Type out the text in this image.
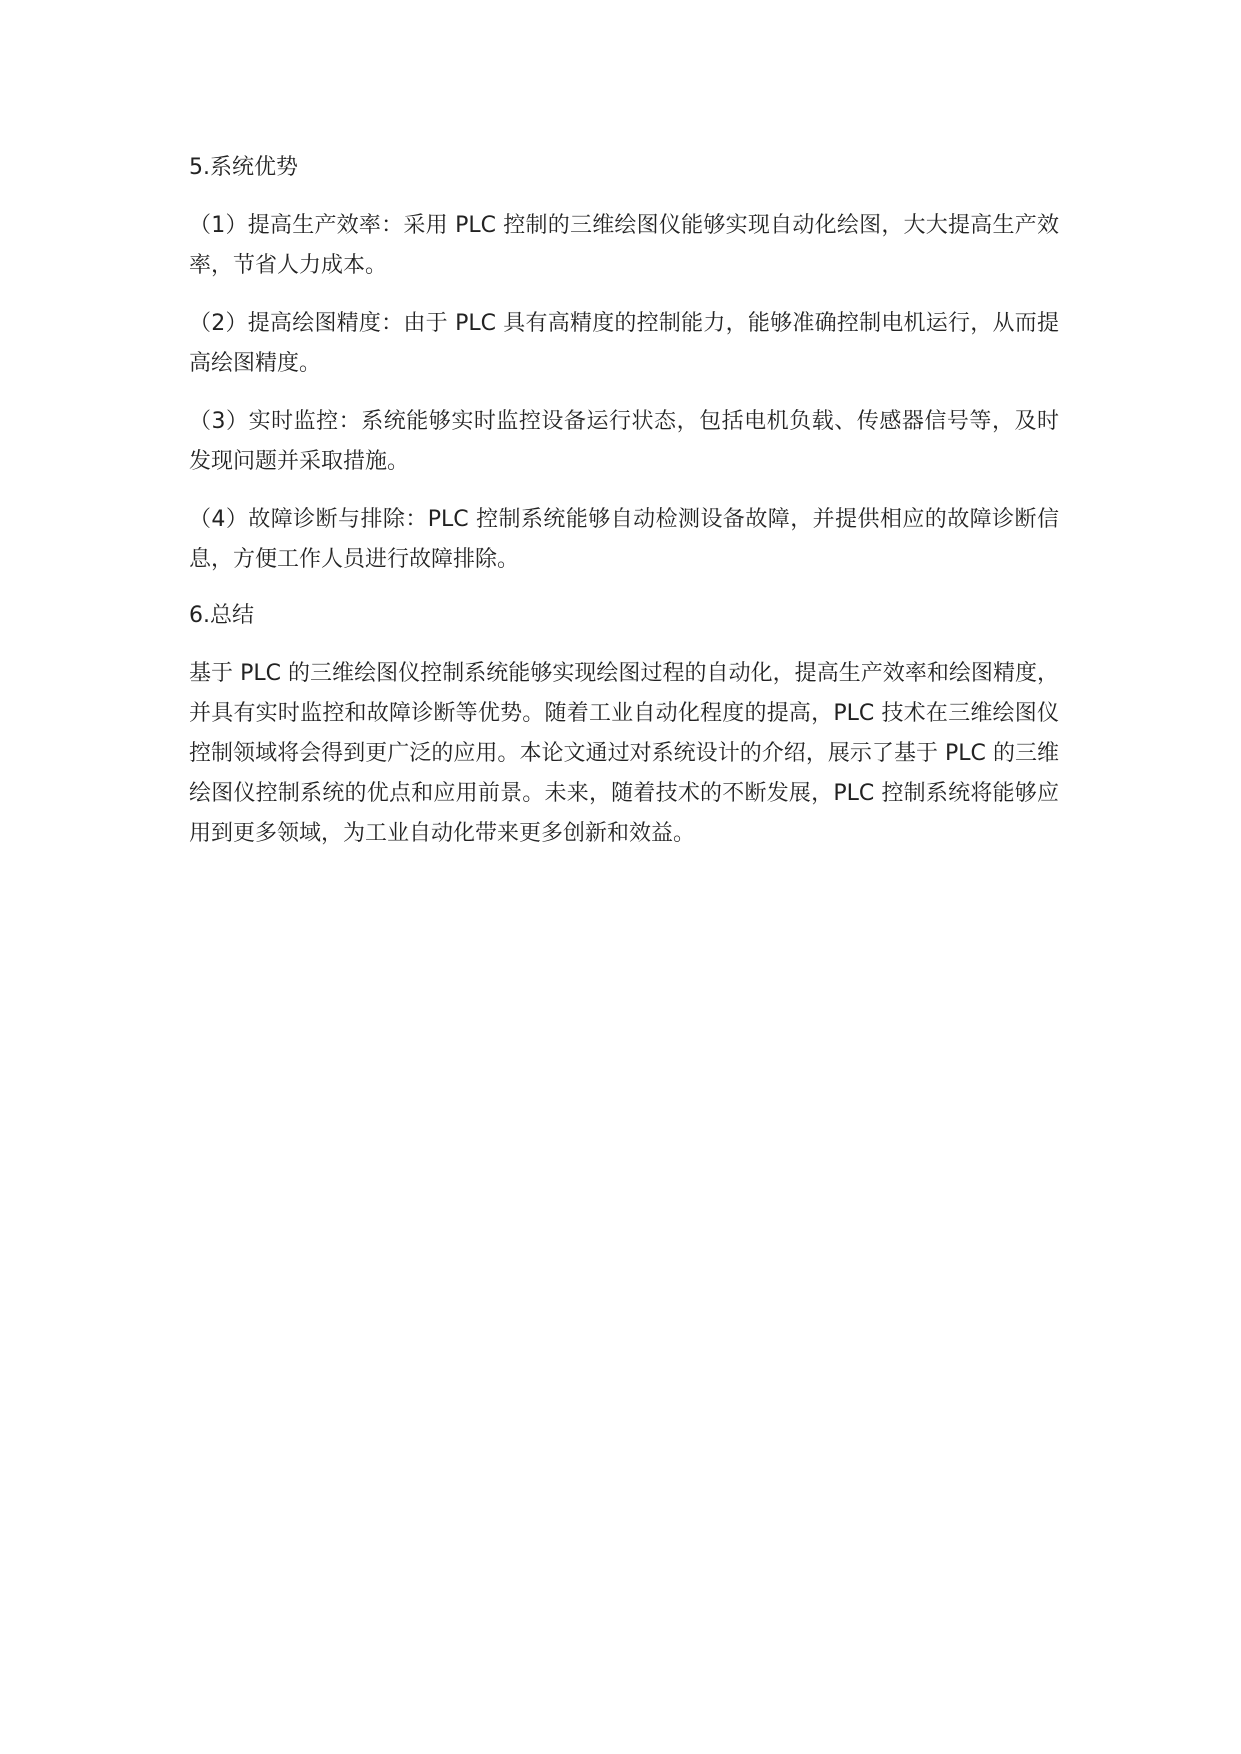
5.系统优势
（1）提高生产效率：采用 PLC 控制的三维绘图仪能够实现自动化绘图，大大提高生产效率，节省人力成本。
（2）提高绘图精度：由于 PLC 具有高精度的控制能力，能够准确控制电机运行，从而提高绘图精度。
（3）实时监控：系统能够实时监控设备运行状态，包括电机负载、传感器信号等，及时发现问题并采取措施。
（4）故障诊断与排除：PLC 控制系统能够自动检测设备故障，并提供相应的故障诊断信息，方便工作人员进行故障排除。
6.总结
基于 PLC 的三维绘图仪控制系统能够实现绘图过程的自动化，提高生产效率和绘图精度，并具有实时监控和故障诊断等优势。随着工业自动化程度的提高，PLC 技术在三维绘图仪控制领域将会得到更广泛的应用。本论文通过对系统设计的介绍，展示了基于 PLC 的三维绘图仪控制系统的优点和应用前景。未来，随着技术的不断发展，PLC 控制系统将能够应用到更多领域，为工业自动化带来更多创新和效益。
